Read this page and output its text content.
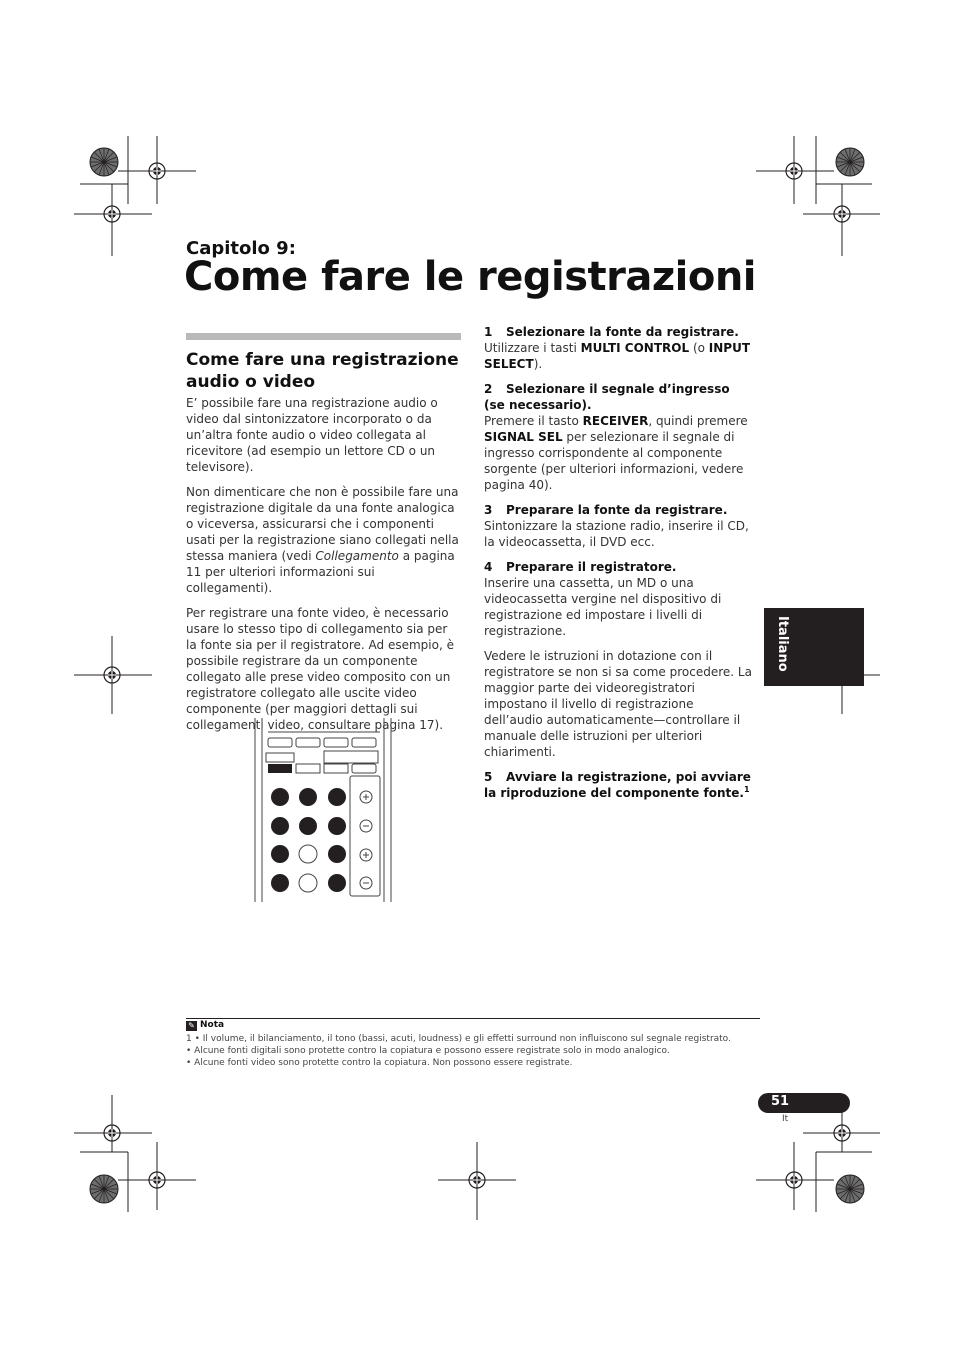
Capitolo 9:
Come fare le registrazioni
Come fare una registrazione audio o video

E’ possibile fare una registrazione audio o video dal sintonizzatore incorporato o da un’altra fonte audio o video collegata al ricevitore (ad esempio un lettore CD o un televisore).

Non dimenticare che non è possibile fare una registrazione digitale da una fonte analogica o viceversa, assicurarsi che i componenti usati per la registrazione siano collegati nella stessa maniera (vedi Collegamento a pagina 11 per ulteriori informazioni sui collegamenti).

Per registrare una fonte video, è necessario usare lo stesso tipo di collegamento sia per la fonte sia per il registratore. Ad esempio, è possibile registrare da un componente collegato alle prese video composito con un registratore collegato alle uscite video componente (per maggiori dettagli sui collegamenti video, consultare pagina 17).

1 Selezionare la fonte da registrare.
Utilizzare i tasti MULTI CONTROL (o INPUT SELECT).
2 Selezionare il segnale d’ingresso (se necessario).
Premere il tasto RECEIVER, quindi premere SIGNAL SEL per selezionare il segnale di ingresso corrispondente al componente sorgente (per ulteriori informazioni, vedere pagina 40).
3 Preparare la fonte da registrare.
Sintonizzare la stazione radio, inserire il CD, la videocassetta, il DVD ecc.
4 Preparare il registratore.
Inserire una cassetta, un MD o una videocassetta vergine nel dispositivo di registrazione ed impostare i livelli di registrazione.
Vedere le istruzioni in dotazione con il registratore se non si sa come procedere. La maggior parte dei videoregistratori impostano il livello di registrazione dell’audio automaticamente—controllare il manuale delle istruzioni per ulteriori chiarimenti.
5 Avviare la registrazione, poi avviare la riproduzione del componente fonte.$^1$
Italiano
✎ Nota
1 • Il volume, il bilanciamento, il tono (bassi, acuti, loudness) e gli effetti surround non influiscono sul segnale registrato.
• Alcune fonti digitali sono protette contro la copiatura e possono essere registrate solo in modo analogico.
• Alcune fonti video sono protette contro la copiatura. Non possono essere registrate.
51
It
